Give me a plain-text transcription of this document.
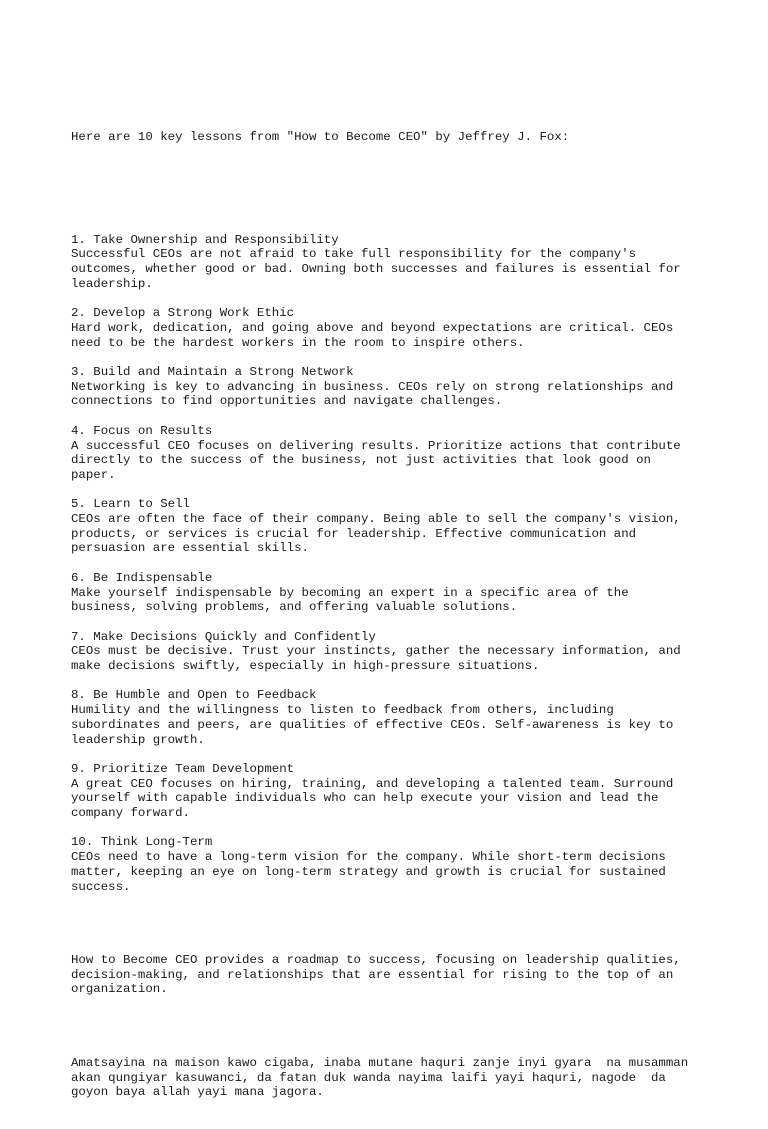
Here are 10 key lessons from "How to Become CEO" by Jeffrey J. Fox:

1. Take Ownership and Responsibility
Successful CEOs are not afraid to take full responsibility for the company's
outcomes, whether good or bad. Owning both successes and failures is essential for
leadership.
2. Develop a Strong Work Ethic
Hard work, dedication, and going above and beyond expectations are critical. CEOs
need to be the hardest workers in the room to inspire others.
3. Build and Maintain a Strong Network
Networking is key to advancing in business. CEOs rely on strong relationships and
connections to find opportunities and navigate challenges.
4. Focus on Results
A successful CEO focuses on delivering results. Prioritize actions that contribute
directly to the success of the business, not just activities that look good on
paper.
5. Learn to Sell
CEOs are often the face of their company. Being able to sell the company's vision,
products, or services is crucial for leadership. Effective communication and
persuasion are essential skills.
6. Be Indispensable
Make yourself indispensable by becoming an expert in a specific area of the
business, solving problems, and offering valuable solutions.
7. Make Decisions Quickly and Confidently
CEOs must be decisive. Trust your instincts, gather the necessary information, and
make decisions swiftly, especially in high-pressure situations.
8. Be Humble and Open to Feedback
Humility and the willingness to listen to feedback from others, including
subordinates and peers, are qualities of effective CEOs. Self-awareness is key to
leadership growth.
9. Prioritize Team Development
A great CEO focuses on hiring, training, and developing a talented team. Surround
yourself with capable individuals who can help execute your vision and lead the
company forward.
10. Think Long-Term
CEOs need to have a long-term vision for the company. While short-term decisions
matter, keeping an eye on long-term strategy and growth is crucial for sustained
success.

How to Become CEO provides a roadmap to success, focusing on leadership qualities,
decision-making, and relationships that are essential for rising to the top of an
organization.

Amatsayina na maison kawo cigaba, inaba mutane haquri zanje inyi gyara  na musamman
akan qungiyar kasuwanci, da fatan duk wanda nayima laifi yayi haquri, nagode  da
goyon baya allah yayi mana jagora.
